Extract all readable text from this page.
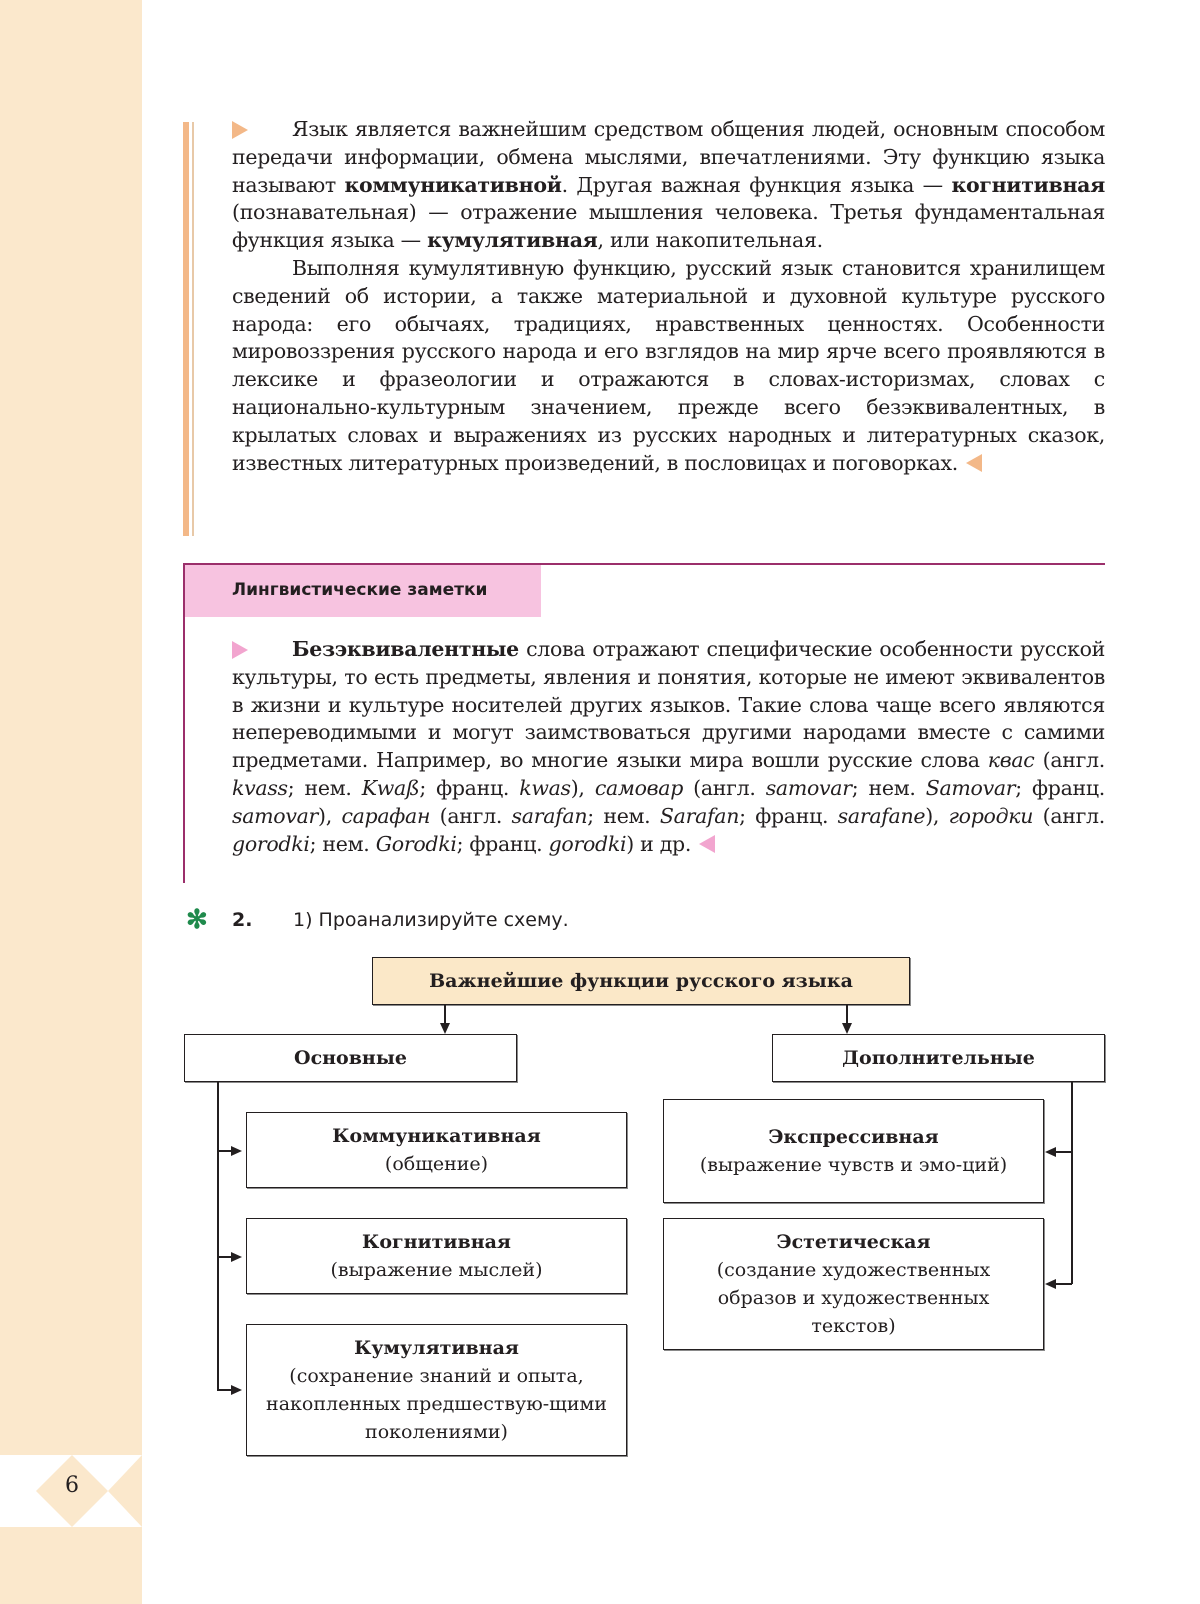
6

Язык является важнейшим средством общения людей, основным способом передачи информации, обмена мыслями, впечатлениями. Эту функцию языка называют коммуникативной. Другая важная функция языка — когнитивная (познавательная) — отражение мышления человека. Третья фундаментальная функция языка — кумулятивная, или накопительная.

Выполняя кумулятивную функцию, русский язык становится хранилищем сведений об истории, а также материальной и духовной культуре русского народа: его обычаях, традициях, нравственных ценностях. Особенности мировоззрения русского народа и его взглядов на мир ярче всего проявляются в лексике и фразеологии и отражаются в словах-историзмах, словах с национально-культурным значением, прежде всего безэквивалентных, в крылатых словах и выражениях из русских народных и литературных сказок, известных литературных произведений, в пословицах и поговорках.

Лингвистические заметки

Безэквивалентные слова отражают специфические особенности русской культуры, то есть предметы, явления и понятия, которые не имеют эквивалентов в жизни и культуре носителей других языков. Такие слова чаще всего являются непереводимыми и могут заимствоваться другими народами вместе с самими предметами. Например, во многие языки мира вошли русские слова квас (англ. kvass; нем. Kwaß; франц. kwas), самовар (англ. samovar; нем. Samovar; франц. samovar), сарафан (англ. sarafan; нем. Sarafan; франц. sarafane), городки (англ. gorodki; нем. Gorodki; франц. gorodki) и др.

✻ 2. 1) Проанализируйте схему.
Важнейшие функции русского языка
Основные	Дополнительные
Коммуникативная
(общение)
Когнитивная
(выражение мыслей)
Кумулятивная
(сохранение знаний и опыта, накопленных предшествую-щими поколениями)
Экспрессивная
(выражение чувств и эмо-ций)
Эстетическая
(создание художественных образов и художественных текстов)
